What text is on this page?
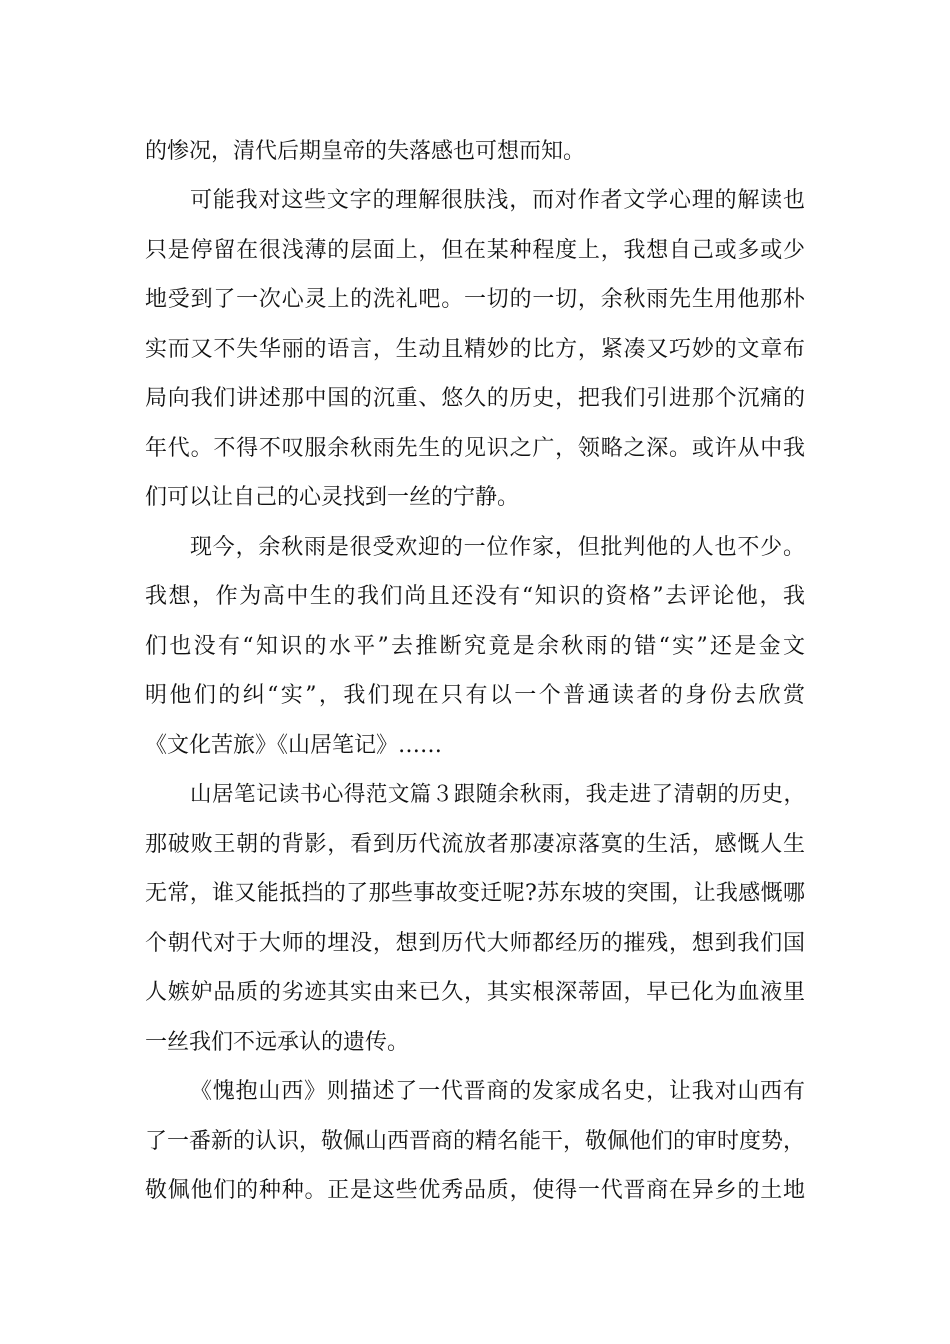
的惨况，清代后期皇帝的失落感也可想而知。
可能我对这些文字的理解很肤浅，而对作者文学心理的解读也
只是停留在很浅薄的层面上，但在某种程度上，我想自己或多或少
地受到了一次心灵上的洗礼吧。一切的一切，余秋雨先生用他那朴
实而又不失华丽的语言，生动且精妙的比方，紧凑又巧妙的文章布
局向我们讲述那中国的沉重、悠久的历史，把我们引进那个沉痛的
年代。不得不叹服余秋雨先生的见识之广，领略之深。或许从中我
们可以让自己的心灵找到一丝的宁静。
现今，余秋雨是很受欢迎的一位作家，但批判他的人也不少。
我想，作为高中生的我们尚且还没有“知识的资格”去评论他，我
们也没有“知识的水平”去推断究竟是余秋雨的错“实”还是金文
明他们的纠“实”，我们现在只有以一个普通读者的身份去欣赏
《文化苦旅》《山居笔记》……
山居笔记读书心得范文篇３跟随余秋雨，我走进了清朝的历史，
那破败王朝的背影，看到历代流放者那凄凉落寞的生活，感慨人生
无常，谁又能抵挡的了那些事故变迁呢?苏东坡的突围，让我感慨哪
个朝代对于大师的埋没，想到历代大师都经历的摧残，想到我们国
人嫉妒品质的劣迹其实由来已久，其实根深蒂固，早已化为血液里
一丝我们不远承认的遗传。
《愧抱山西》则描述了一代晋商的发家成名史，让我对山西有
了一番新的认识，敬佩山西晋商的精名能干，敬佩他们的审时度势，
敬佩他们的种种。正是这些优秀品质，使得一代晋商在异乡的土地
